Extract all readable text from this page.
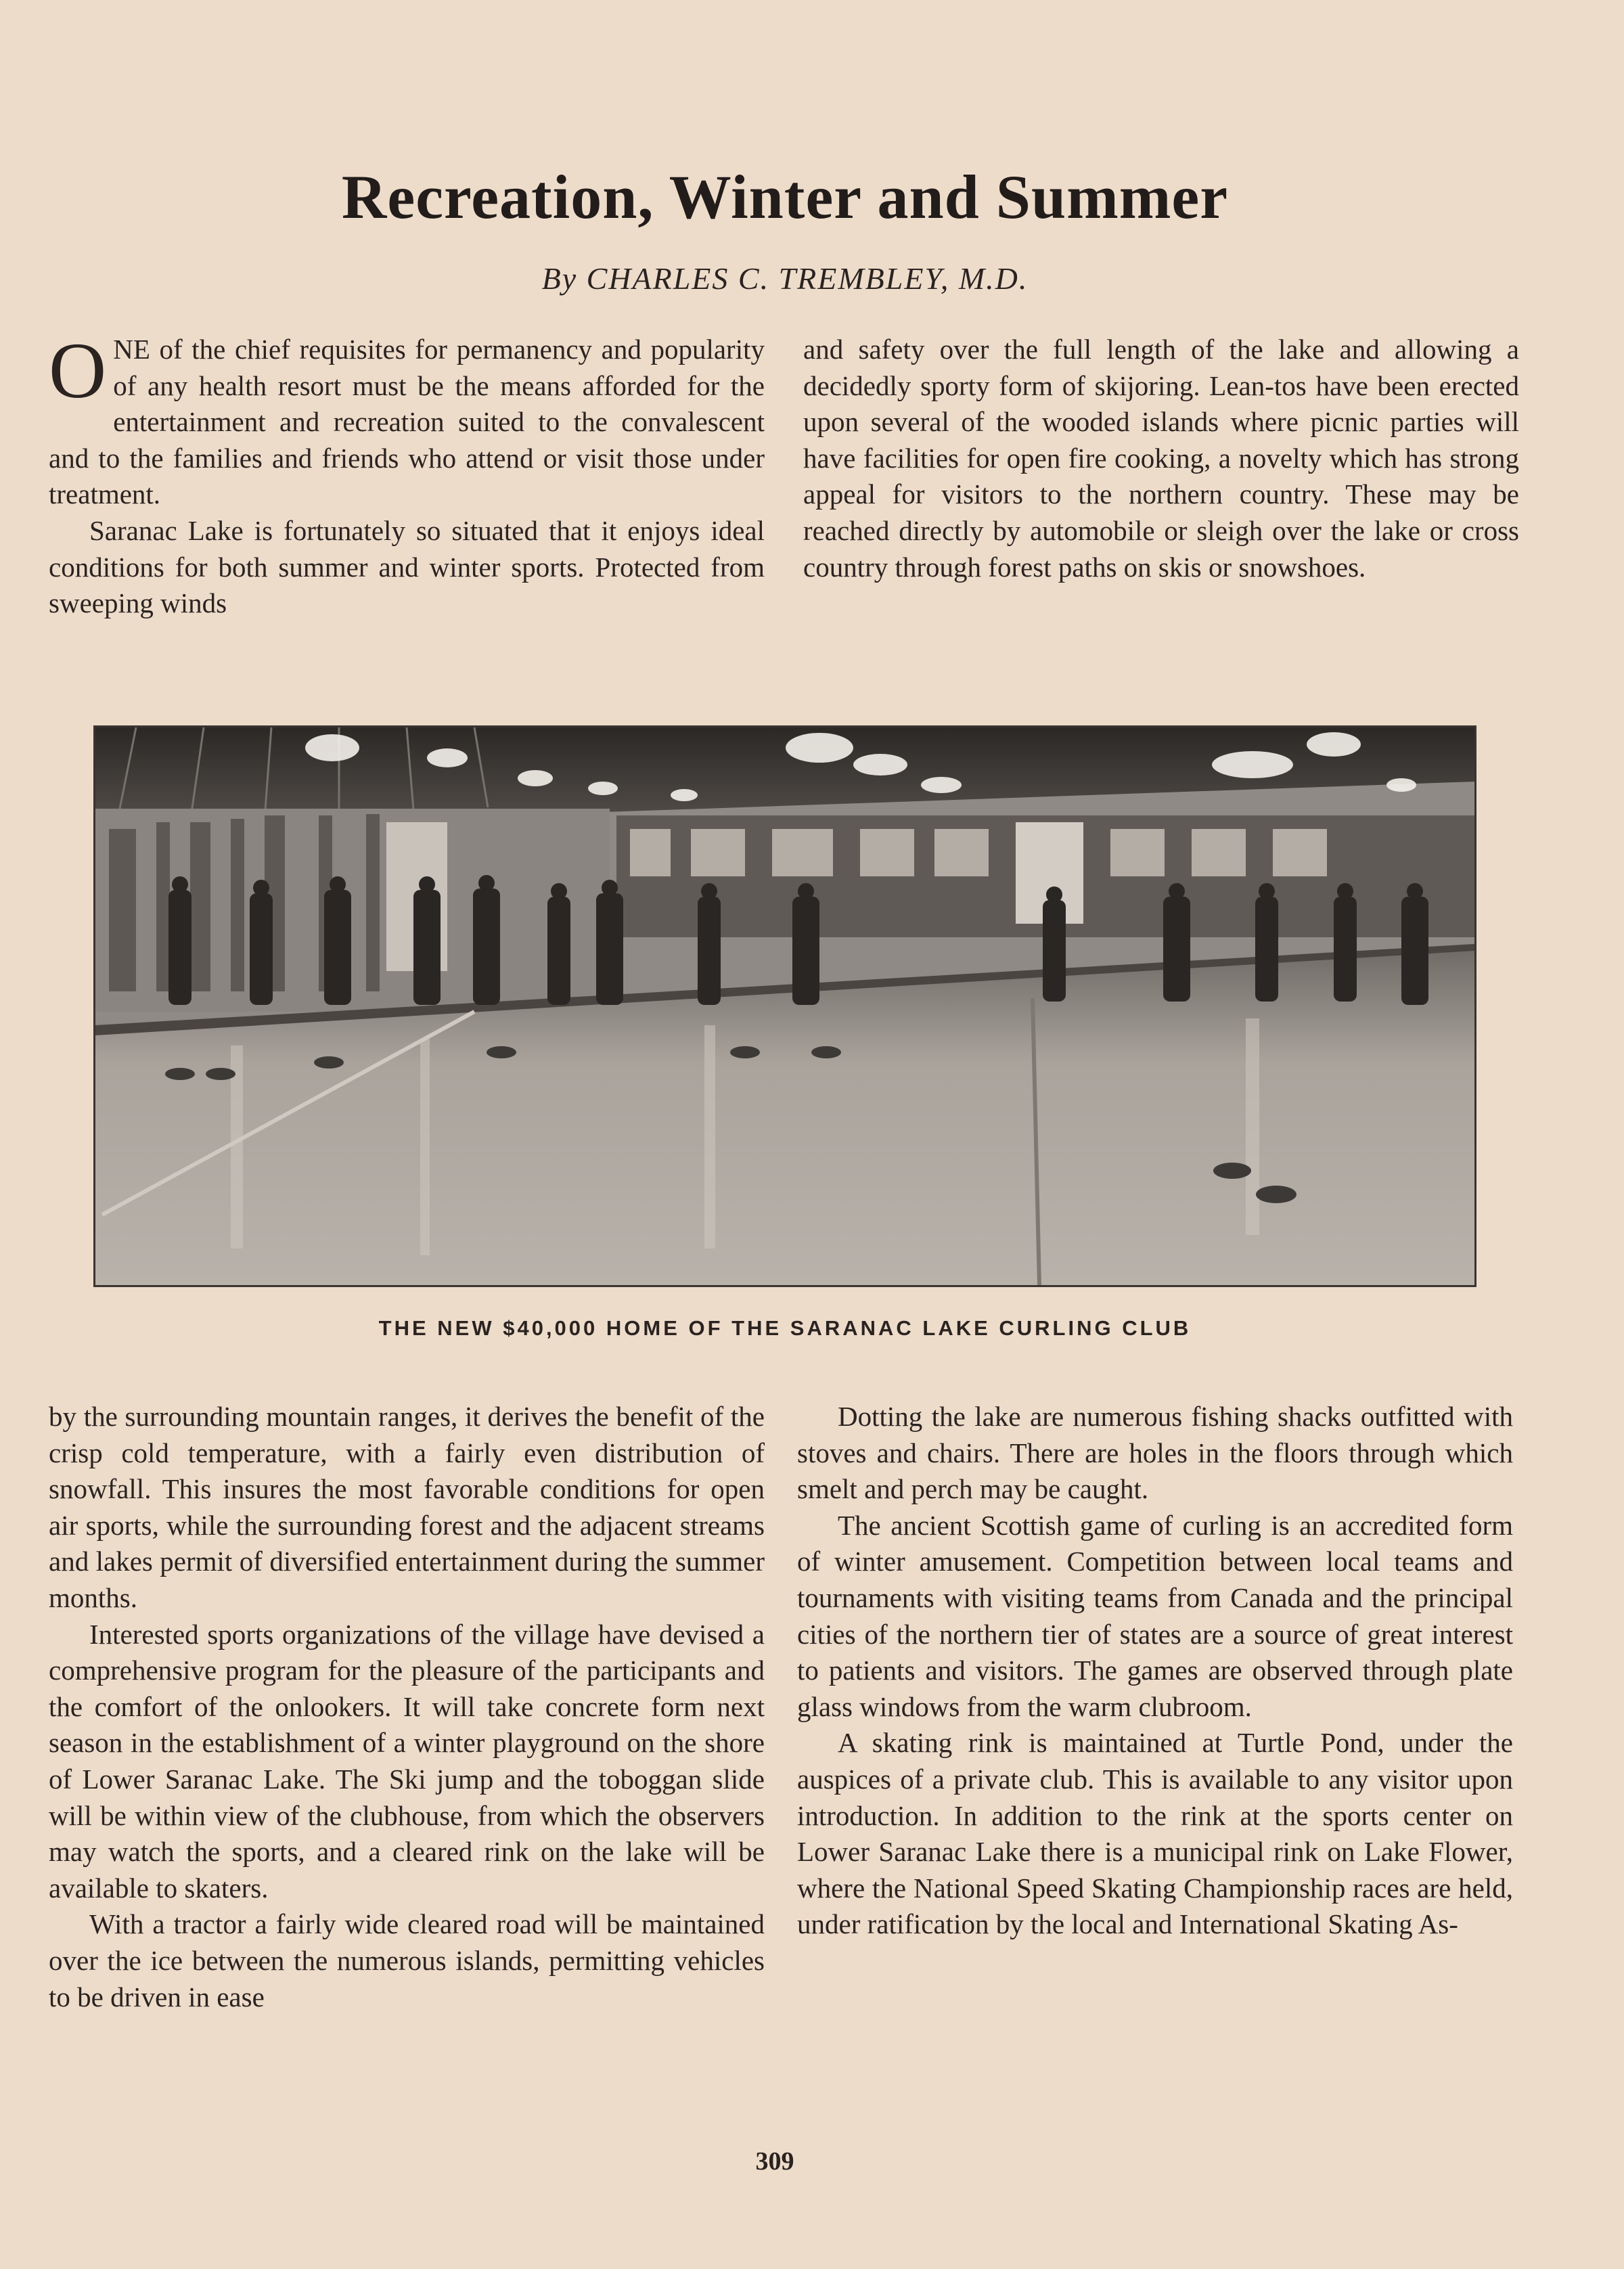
Recreation, Winter and Summer
By CHARLES C. TREMBLEY, M.D.

ONE of the chief requisites for permanency and popularity of any health resort must be the means afforded for the entertainment and recreation suited to the convalescent and to the families and friends who attend or visit those under treatment.

Saranac Lake is fortunately so situated that it enjoys ideal conditions for both summer and winter sports. Protected from sweeping winds

and safety over the full length of the lake and allowing a decidedly sporty form of skijoring. Lean-tos have been erected upon several of the wooded islands where picnic parties will have facilities for open fire cooking, a novelty which has strong appeal for visitors to the northern country. These may be reached directly by automobile or sleigh over the lake or cross country through forest paths on skis or snowshoes.

THE NEW $40,000 HOME OF THE SARANAC LAKE CURLING CLUB

by the surrounding mountain ranges, it derives the benefit of the crisp cold temperature, with a fairly even distribution of snowfall. This insures the most favorable conditions for open air sports, while the surrounding forest and the adjacent streams and lakes permit of diversified entertainment during the summer months.

Interested sports organizations of the village have devised a comprehensive program for the pleasure of the participants and the comfort of the onlookers. It will take concrete form next season in the establishment of a winter playground on the shore of Lower Saranac Lake. The Ski jump and the toboggan slide will be within view of the clubhouse, from which the observers may watch the sports, and a cleared rink on the lake will be available to skaters.

With a tractor a fairly wide cleared road will be maintained over the ice between the numerous islands, permitting vehicles to be driven in ease

Dotting the lake are numerous fishing shacks outfitted with stoves and chairs. There are holes in the floors through which smelt and perch may be caught.

The ancient Scottish game of curling is an accredited form of winter amusement. Competition between local teams and tournaments with visiting teams from Canada and the principal cities of the northern tier of states are a source of great interest to patients and visitors. The games are observed through plate glass windows from the warm clubroom.

A skating rink is maintained at Turtle Pond, under the auspices of a private club. This is available to any visitor upon introduction. In addition to the rink at the sports center on Lower Saranac Lake there is a municipal rink on Lake Flower, where the National Speed Skating Championship races are held, under ratification by the local and International Skating As-

309
